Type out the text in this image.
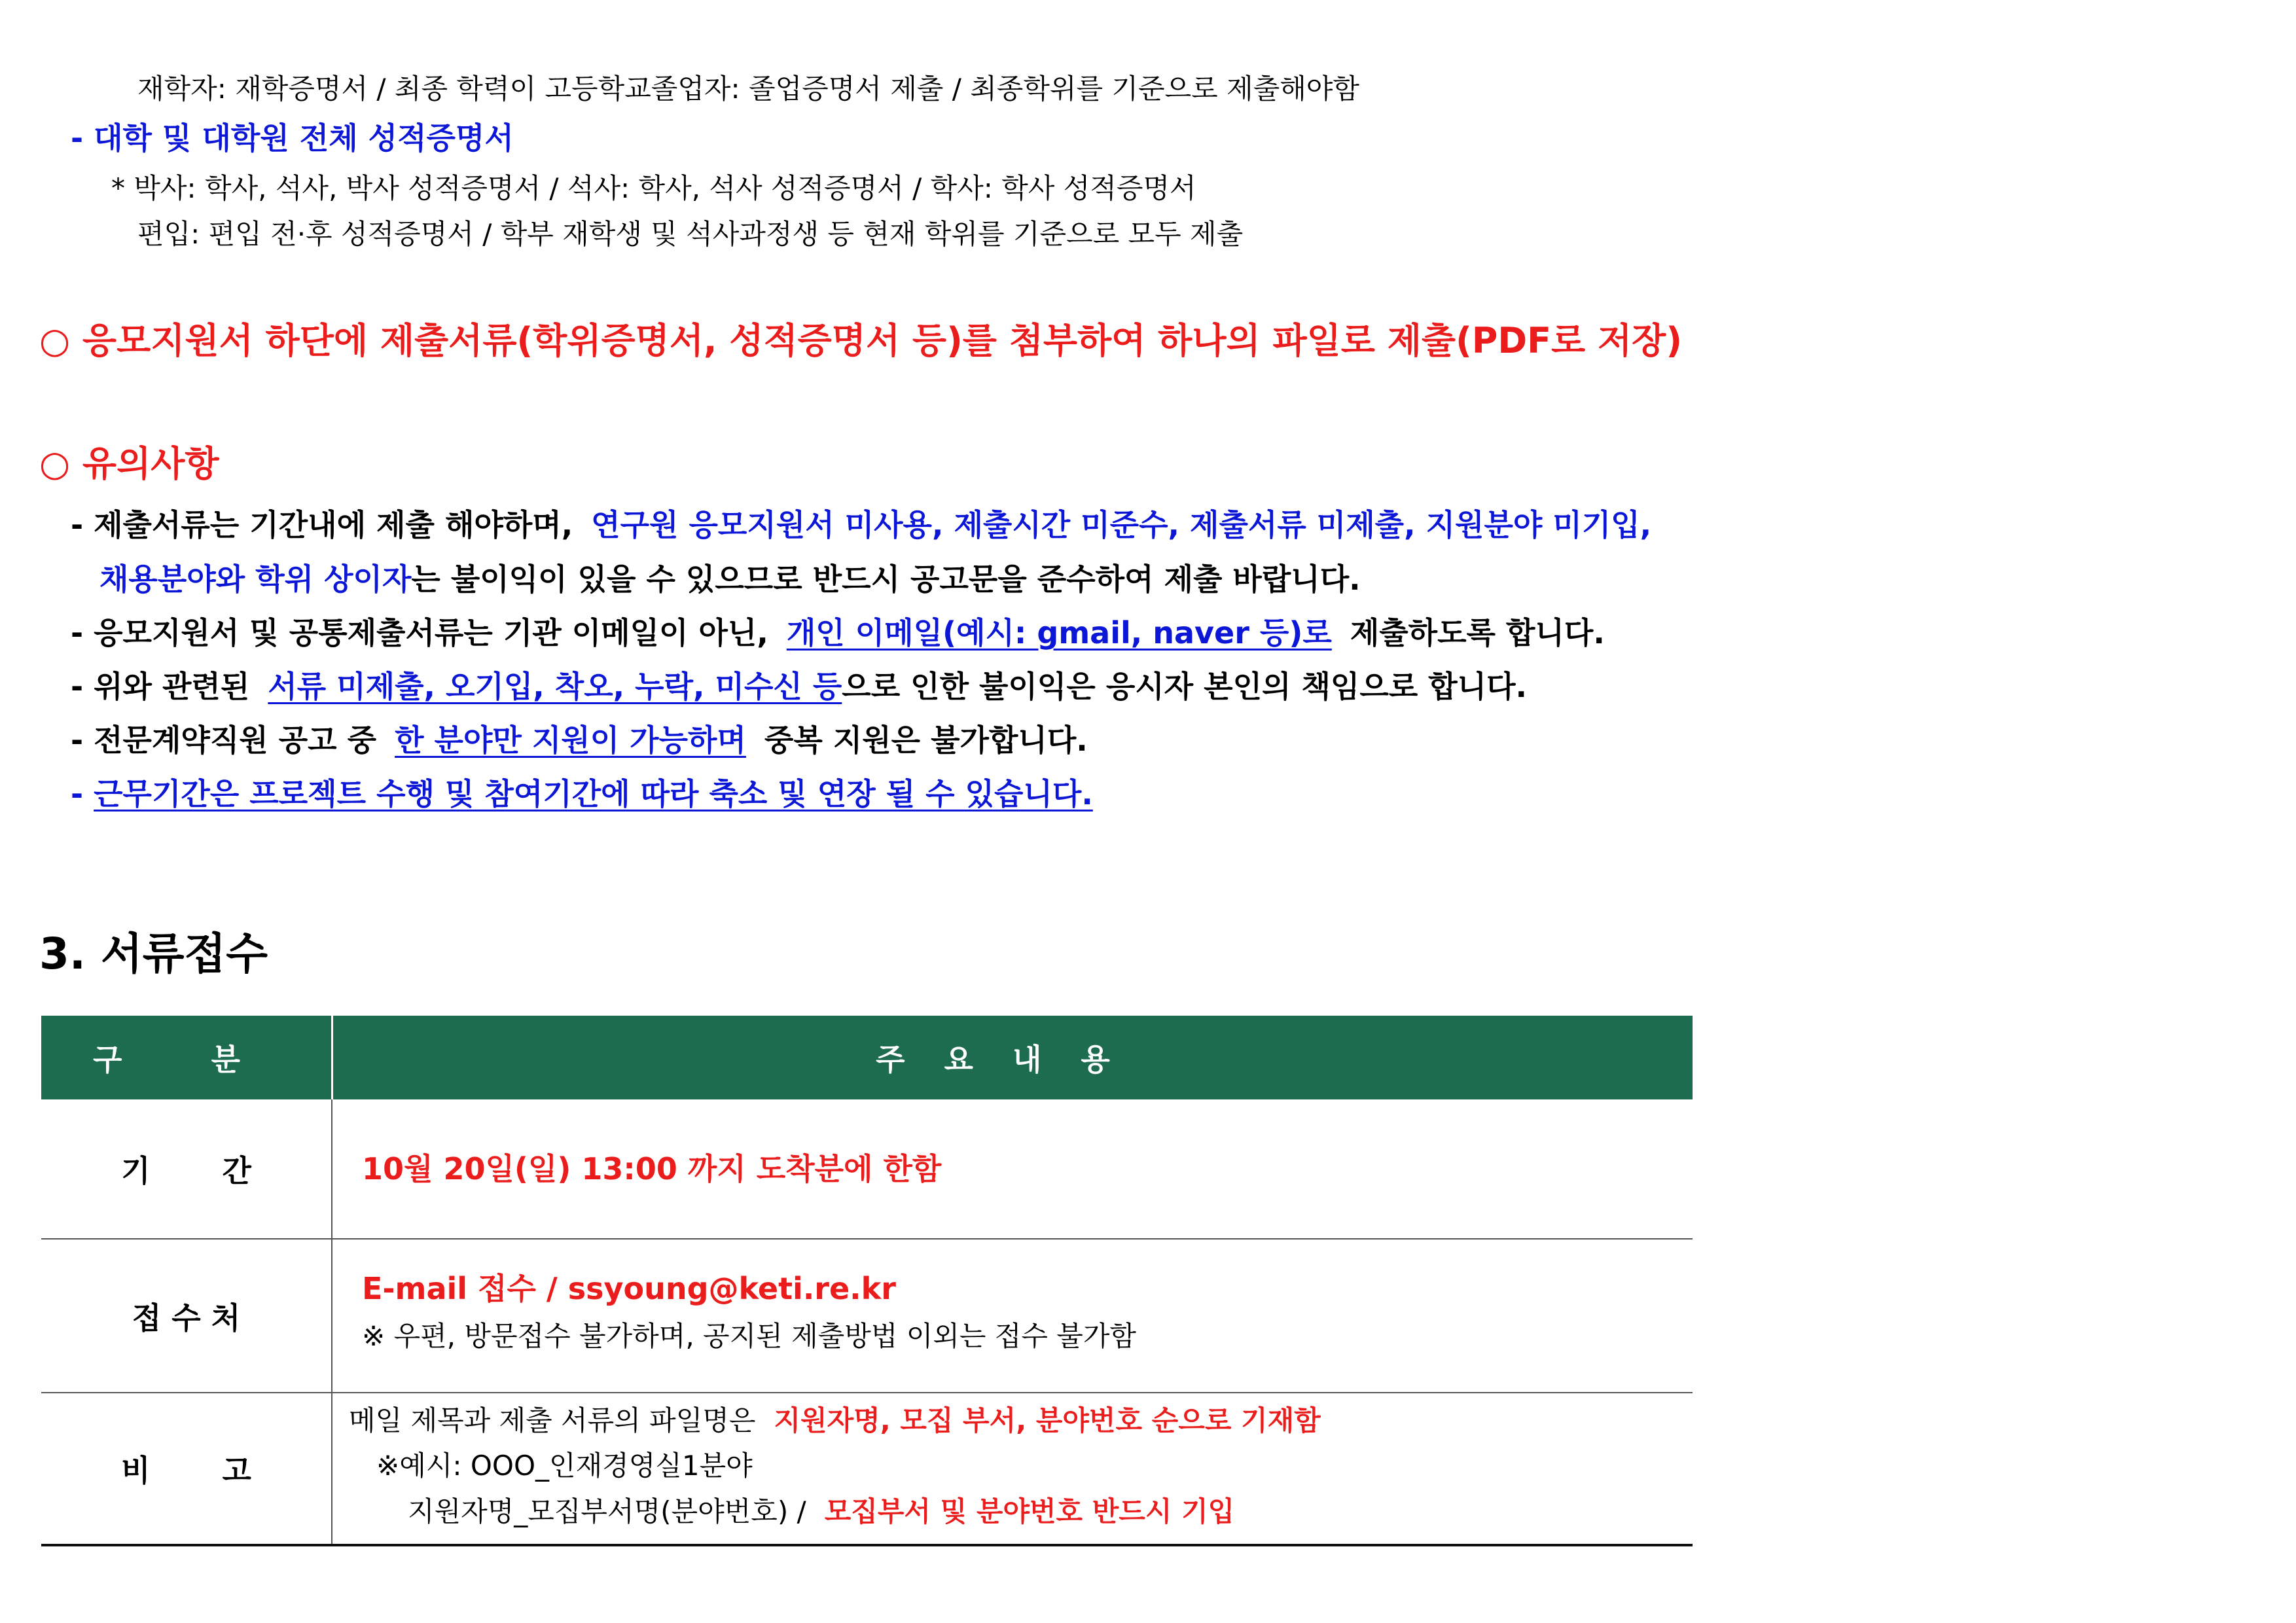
재학자: 재학증명서 / 최종 학력이 고등학교졸업자: 졸업증명서 제출 / 최종학위를 기준으로 제출해야함
- 대학 및 대학원 전체 성적증명서
* 박사: 학사, 석사, 박사 성적증명서 / 석사: 학사, 석사 성적증명서 / 학사: 학사 성적증명서
편입: 편입 전·후 성적증명서 / 학부 재학생 및 석사과정생 등 현재 학위를 기준으로 모두 제출
○ 응모지원서 하단에 제출서류(학위증명서, 성적증명서 등)를 첨부하여 하나의 파일로 제출(PDF로 저장)
○ 유의사항
- 제출서류는 기간내에 제출 해야하며, 연구원 응모지원서 미사용, 제출시간 미준수, 제출서류 미제출, 지원분야 미기입,
채용분야와 학위 상이자는 불이익이 있을 수 있으므로 반드시 공고문을 준수하여 제출 바랍니다.
- 응모지원서 및 공통제출서류는 기관 이메일이 아닌, 개인 이메일(예시: gmail, naver 등)로 제출하도록 합니다.
- 위와 관련된 서류 미제출, 오기입, 착오, 누락, 미수신 등으로 인한 불이익은 응시자 본인의 책임으로 합니다.
- 전문계약직원 공고 중 한 분야만 지원이 가능하며 중복 지원은 불가합니다.
- 근무기간은 프로젝트 수행 및 참여기간에 따라 축소 및 연장 될 수 있습니다.
3. 서류접수
구 분	주요내용
기 간	10월 20일(일) 13:00 까지 도착분에 한함
접 수 처
E-mail 접수 / ssyoung@keti.re.kr
※ 우편, 방문접수 불가하며, 공지된 제출방법 이외는 접수 불가함
비 고
메일 제목과 제출 서류의 파일명은 지원자명, 모집 부서, 분야번호 순으로 기재함
※예시: OOO_인재경영실1분야
지원자명_모집부서명(분야번호) / 모집부서 및 분야번호 반드시 기입
